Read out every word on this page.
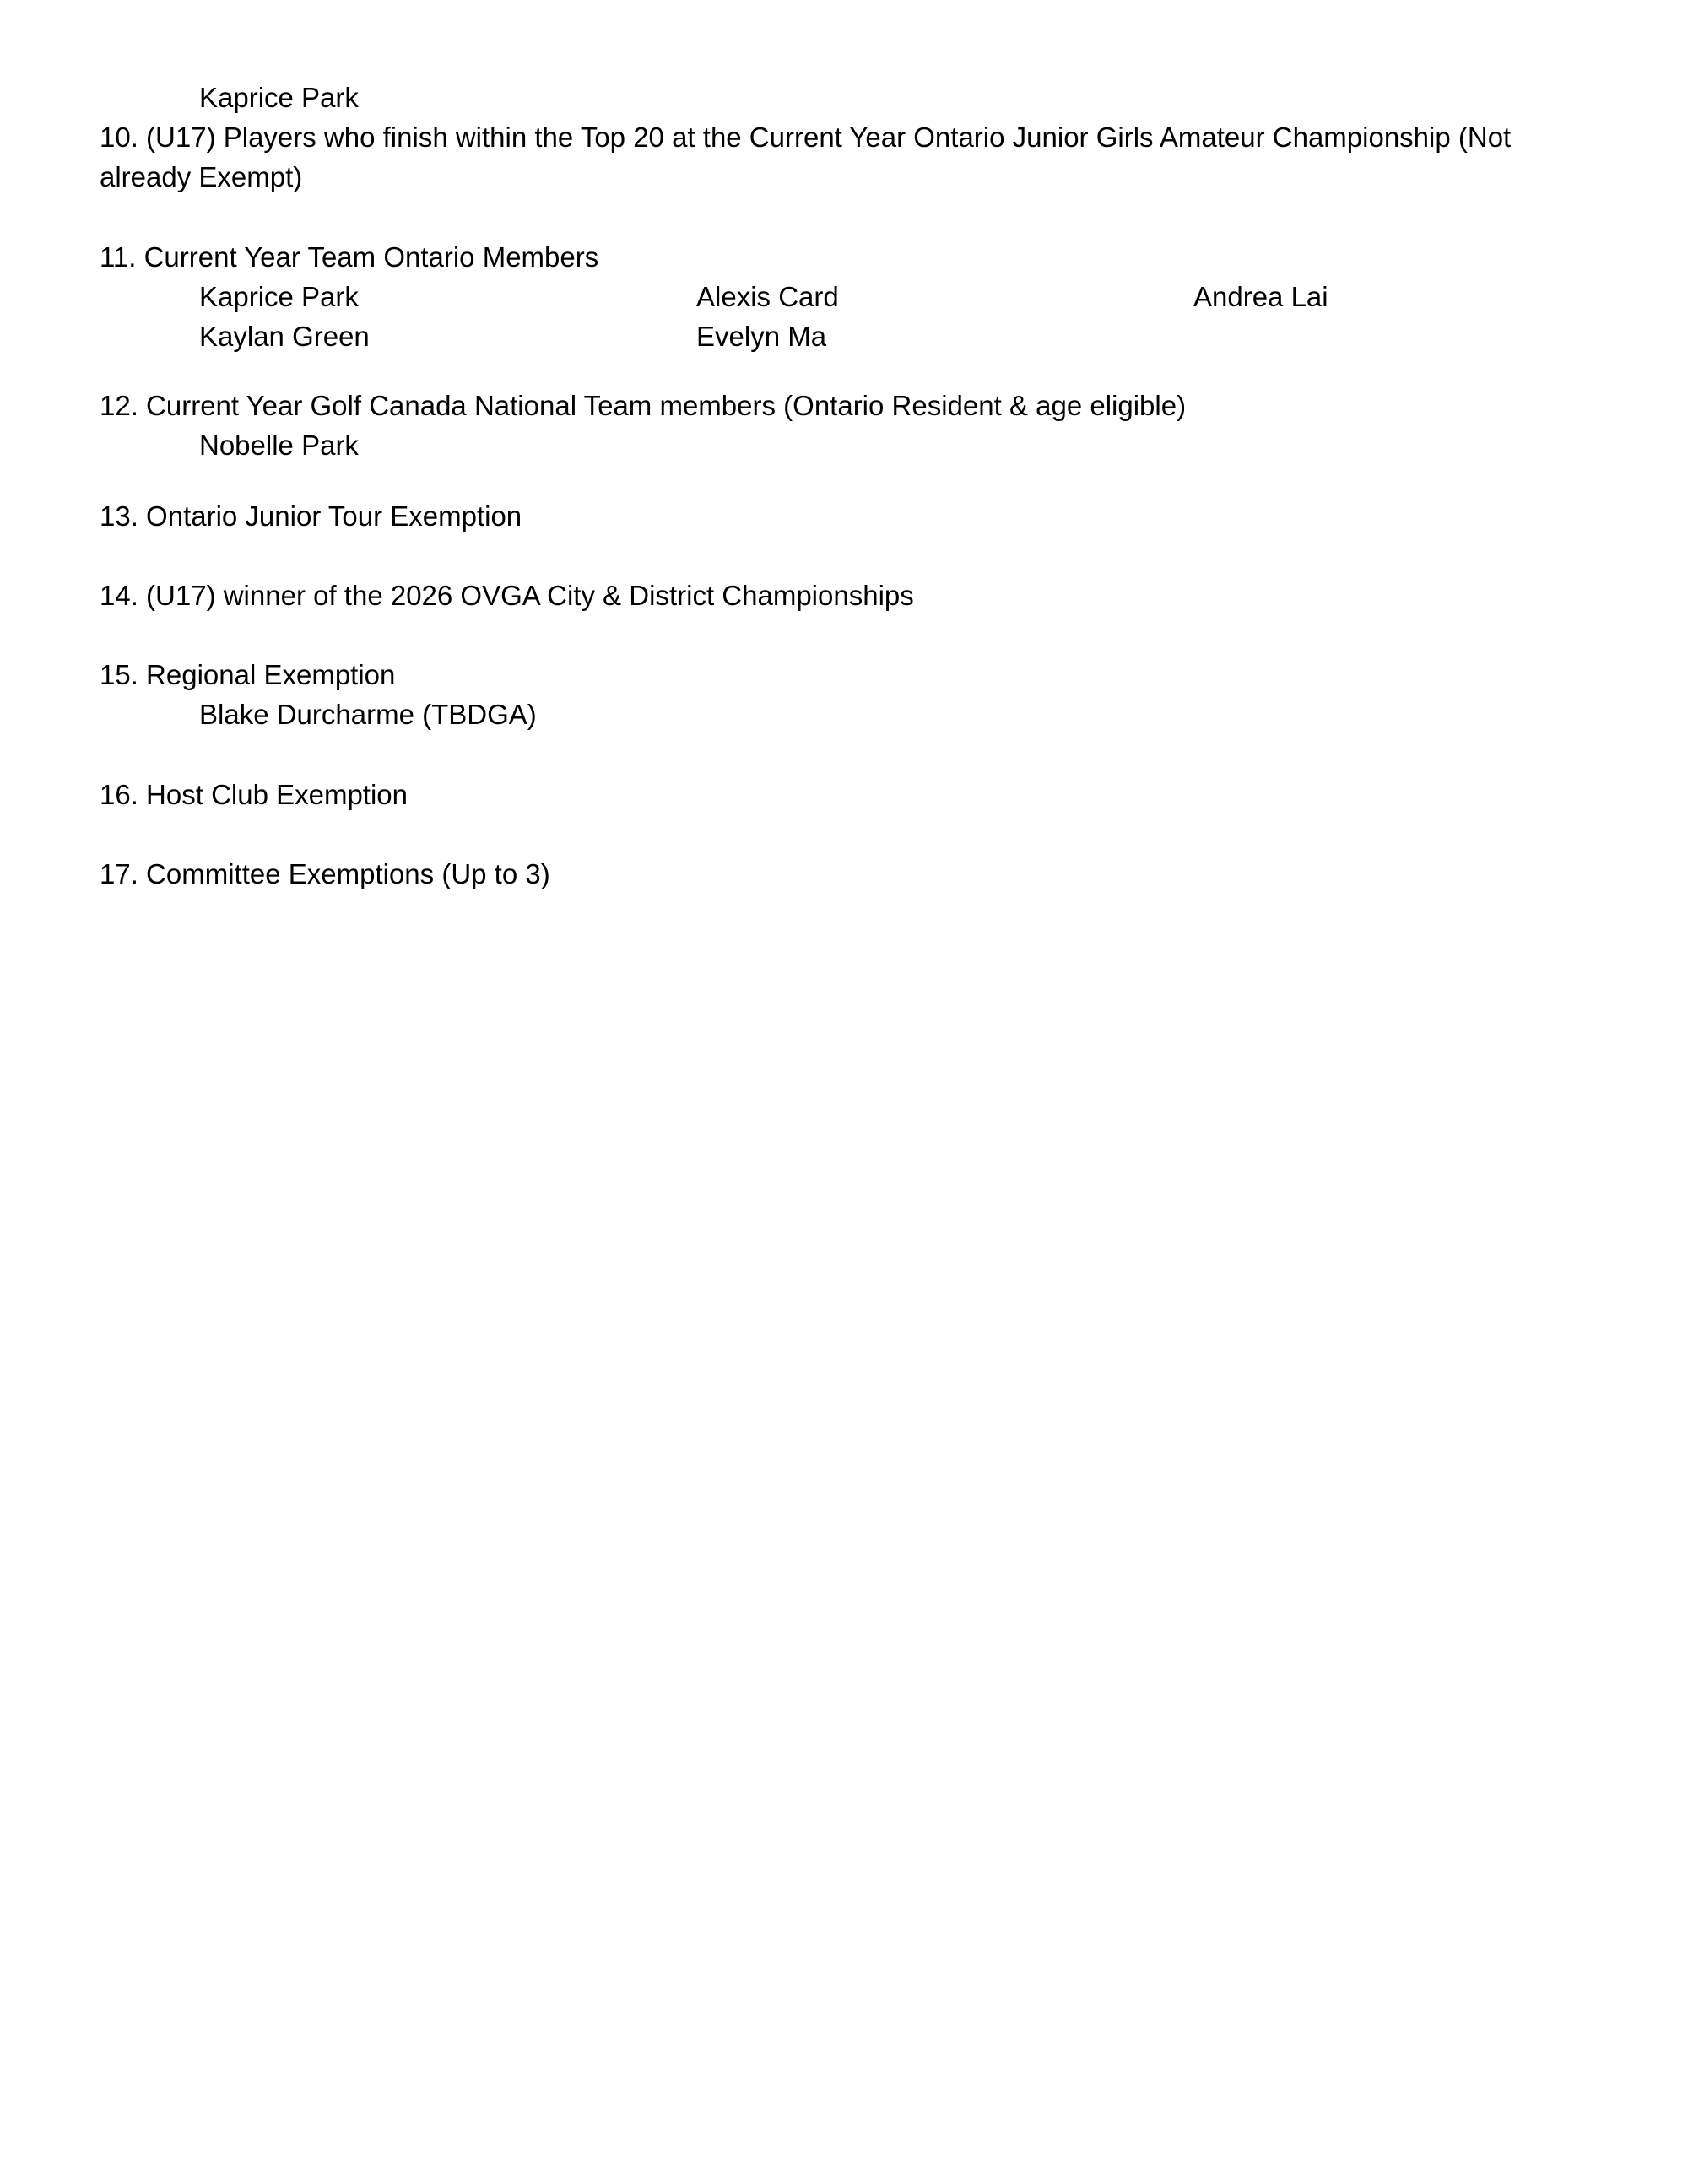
Kaprice Park
10. (U17) Players who finish within the Top 20 at the Current Year Ontario Junior Girls Amateur Championship (Not
already Exempt)
11. Current Year Team Ontario Members
Kaprice Park	Alexis Card	Andrea Lai
Kaylan Green	Evelyn Ma
12. Current Year Golf Canada National Team members (Ontario Resident & age eligible)
Nobelle Park
13. Ontario Junior Tour Exemption
14. (U17) winner of the 2026 OVGA City & District Championships
15. Regional Exemption
Blake Durcharme (TBDGA)
16. Host Club Exemption
17. Committee Exemptions (Up to 3)
